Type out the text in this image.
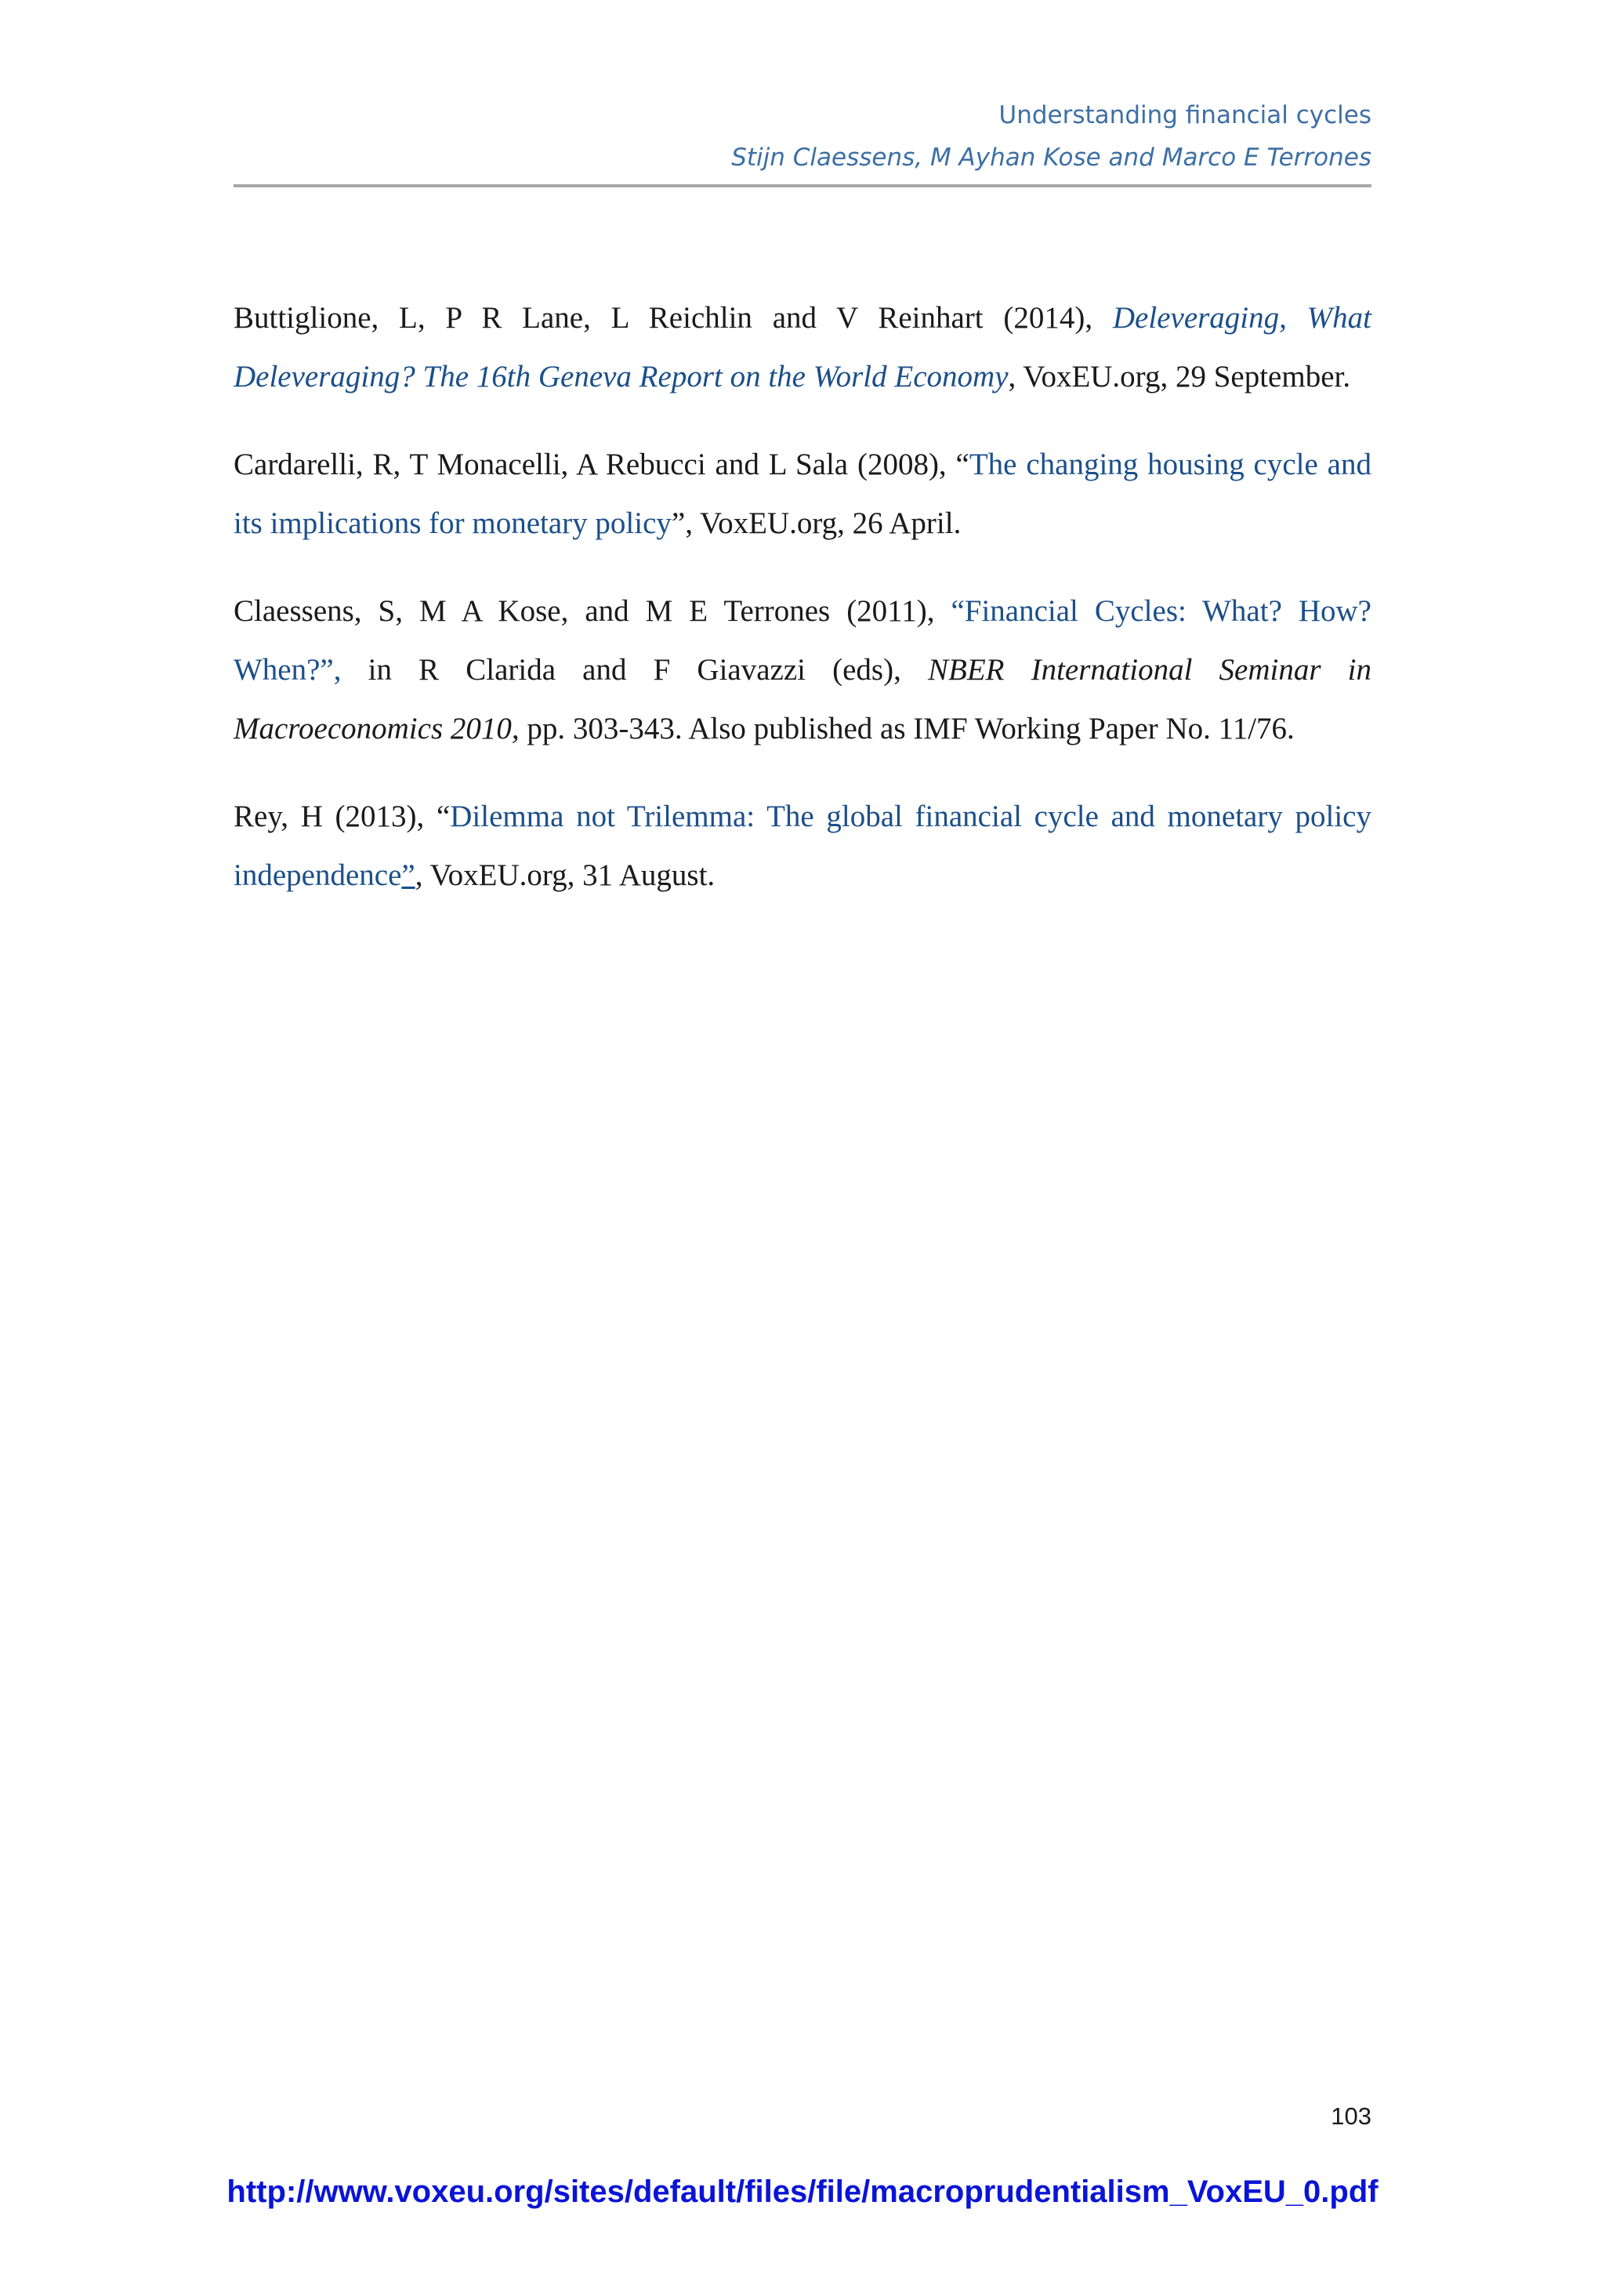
Understanding financial cycles
Stijn Claessens, M Ayhan Kose and Marco E Terrones

Buttiglione, L, P R Lane, L Reichlin and V Reinhart (2014), Deleveraging, What Deleveraging? The 16th Geneva Report on the World Economy, VoxEU.org, 29 September.

Cardarelli, R, T Monacelli, A Rebucci and L Sala (2008), “The changing housing cycle and its implications for monetary policy”, VoxEU.org, 26 April.

Claessens, S, M A Kose, and M E Terrones (2011), “Financial Cycles: What? How? When?”, in R Clarida and F Giavazzi (eds), NBER International Seminar in Macroeconomics 2010, pp. 303-343. Also published as IMF Working Paper No. 11/76.

Rey, H (2013), “Dilemma not Trilemma: The global financial cycle and monetary policy independence”, VoxEU.org, 31 August.

103
http://www.voxeu.org/sites/default/files/file/macroprudentialism_VoxEU_0.pdf
